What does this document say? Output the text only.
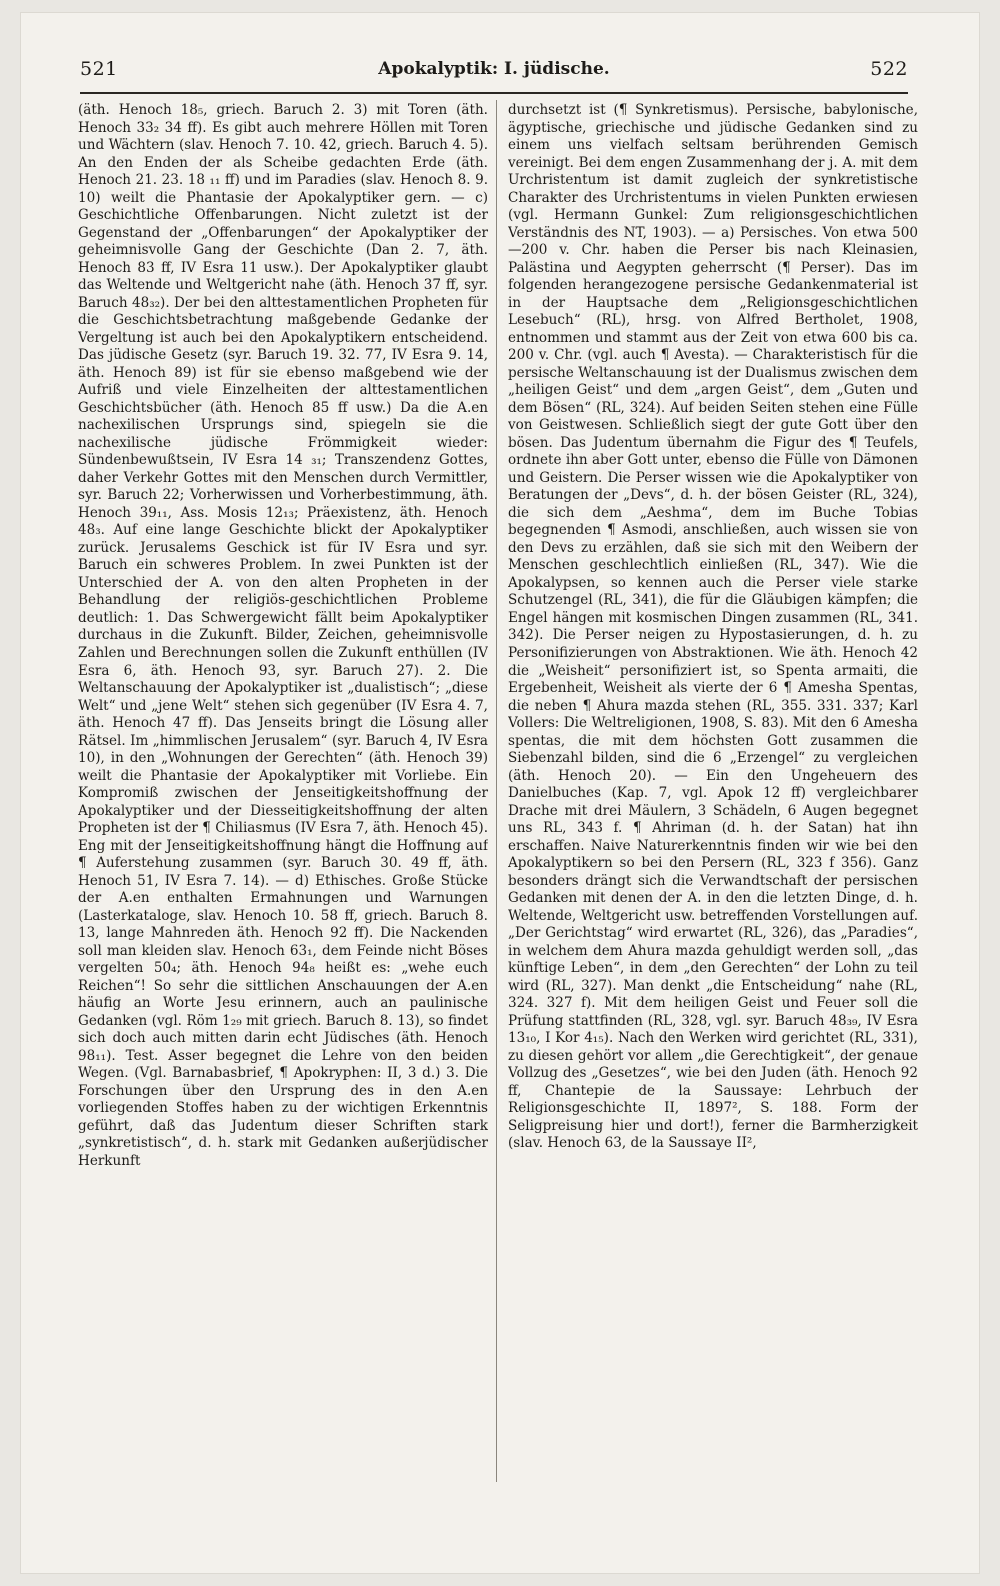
521	Apokalyptik: I. jüdische.	522

(äth. Henoch 18₅, griech. Baruch 2. 3) mit Toren (äth. Henoch 33₂ 34 ff). Es gibt auch mehrere Höllen mit Toren und Wächtern (slav. Henoch 7. 10. 42, griech. Baruch 4. 5). An den Enden der als Scheibe gedachten Erde (äth. Henoch 21. 23. 18 ₁₁ ff) und im Paradies (slav. Henoch 8. 9. 10) weilt die Phantasie der Apokalyptiker gern. — c) Geschichtliche Offenbarungen. Nicht zuletzt ist der Gegenstand der „Offenbarungen“ der Apokalyptiker der geheimnisvolle Gang der Geschichte (Dan 2. 7, äth. Henoch 83 ff, IV Esra 11 usw.). Der Apokalyptiker glaubt das Weltende und Weltgericht nahe (äth. Henoch 37 ff, syr. Baruch 48₃₂). Der bei den alttestamentlichen Propheten für die Geschichtsbetrachtung maßgebende Gedanke der Vergeltung ist auch bei den Apokalyptikern entscheidend. Das jüdische Gesetz (syr. Baruch 19. 32. 77, IV Esra 9. 14, äth. Henoch 89) ist für sie ebenso maßgebend wie der Aufriß und viele Einzelheiten der alttestamentlichen Geschichtsbücher (äth. Henoch 85 ff usw.) Da die A.en nachexilischen Ursprungs sind, spiegeln sie die nachexilische jüdische Frömmigkeit wieder: Sündenbewußtsein, IV Esra 14 ₃₁; Transzendenz Gottes, daher Verkehr Gottes mit den Menschen durch Vermittler, syr. Baruch 22; Vorherwissen und Vorherbestimmung, äth. Henoch 39₁₁, Ass. Mosis 12₁₃; Präexistenz, äth. Henoch 48₃. Auf eine lange Geschichte blickt der Apokalyptiker zurück. Jerusalems Geschick ist für IV Esra und syr. Baruch ein schweres Problem. In zwei Punkten ist der Unterschied der A. von den alten Propheten in der Behandlung der religiös-geschichtlichen Probleme deutlich: 1. Das Schwergewicht fällt beim Apokalyptiker durchaus in die Zukunft. Bilder, Zeichen, geheimnisvolle Zahlen und Berechnungen sollen die Zukunft enthüllen (IV Esra 6, äth. Henoch 93, syr. Baruch 27). 2. Die Weltanschauung der Apokalyptiker ist „dualistisch“; „diese Welt“ und „jene Welt“ stehen sich gegenüber (IV Esra 4. 7, äth. Henoch 47 ff). Das Jenseits bringt die Lösung aller Rätsel. Im „himmlischen Jerusalem“ (syr. Baruch 4, IV Esra 10), in den „Wohnungen der Gerechten“ (äth. Henoch 39) weilt die Phantasie der Apokalyptiker mit Vorliebe. Ein Kompromiß zwischen der Jenseitigkeitshoffnung der Apokalyptiker und der Diesseitigkeitshoffnung der alten Propheten ist der ¶ Chiliasmus (IV Esra 7, äth. Henoch 45). Eng mit der Jenseitigkeitshoffnung hängt die Hoffnung auf ¶ Auferstehung zusammen (syr. Baruch 30. 49 ff, äth. Henoch 51, IV Esra 7. 14). — d) Ethisches. Große Stücke der A.en enthalten Ermahnungen und Warnungen (Lasterkataloge, slav. Henoch 10. 58 ff, griech. Baruch 8. 13, lange Mahnreden äth. Henoch 92 ff). Die Nackenden soll man kleiden slav. Henoch 63₁, dem Feinde nicht Böses vergelten 50₄; äth. Henoch 94₈ heißt es: „wehe euch Reichen“! So sehr die sittlichen Anschauungen der A.en häufig an Worte Jesu erinnern, auch an paulinische Gedanken (vgl. Röm 1₂₉ mit griech. Baruch 8. 13), so findet sich doch auch mitten darin echt Jüdisches (äth. Henoch 98₁₁). Test. Asser begegnet die Lehre von den beiden Wegen. (Vgl. Barnabasbrief, ¶ Apokryphen: II, 3 d.) 3. Die Forschungen über den Ursprung des in den A.en vorliegenden Stoffes haben zu der wichtigen Erkenntnis geführt, daß das Judentum dieser Schriften stark „synkretistisch“, d. h. stark mit Gedanken außerjüdischer Herkunft

durchsetzt ist (¶ Synkretismus). Persische, babylonische, ägyptische, griechische und jüdische Gedanken sind zu einem uns vielfach seltsam berührenden Gemisch vereinigt. Bei dem engen Zusammenhang der j. A. mit dem Urchristentum ist damit zugleich der synkretistische Charakter des Urchristentums in vielen Punkten erwiesen (vgl. Hermann Gunkel: Zum religionsgeschichtlichen Verständnis des NT, 1903). — a) Persisches. Von etwa 500—200 v. Chr. haben die Perser bis nach Kleinasien, Palästina und Aegypten geherrscht (¶ Perser). Das im folgenden herangezogene persische Gedankenmaterial ist in der Hauptsache dem „Religionsgeschichtlichen Lesebuch“ (RL), hrsg. von Alfred Bertholet, 1908, entnommen und stammt aus der Zeit von etwa 600 bis ca. 200 v. Chr. (vgl. auch ¶ Avesta). — Charakteristisch für die persische Weltanschauung ist der Dualismus zwischen dem „heiligen Geist“ und dem „argen Geist“, dem „Guten und dem Bösen“ (RL, 324). Auf beiden Seiten stehen eine Fülle von Geistwesen. Schließlich siegt der gute Gott über den bösen. Das Judentum übernahm die Figur des ¶ Teufels, ordnete ihn aber Gott unter, ebenso die Fülle von Dämonen und Geistern. Die Perser wissen wie die Apokalyptiker von Beratungen der „Devs“, d. h. der bösen Geister (RL, 324), die sich dem „Aeshma“, dem im Buche Tobias begegnenden ¶ Asmodi, anschließen, auch wissen sie von den Devs zu erzählen, daß sie sich mit den Weibern der Menschen geschlechtlich einließen (RL, 347). Wie die Apokalypsen, so kennen auch die Perser viele starke Schutzengel (RL, 341), die für die Gläubigen kämpfen; die Engel hängen mit kosmischen Dingen zusammen (RL, 341. 342). Die Perser neigen zu Hypostasierungen, d. h. zu Personifizierungen von Abstraktionen. Wie äth. Henoch 42 die „Weisheit“ personifiziert ist, so Spenta armaiti, die Ergebenheit, Weisheit als vierte der 6 ¶ Amesha Spentas, die neben ¶ Ahura mazda stehen (RL, 355. 331. 337; Karl Vollers: Die Weltreligionen, 1908, S. 83). Mit den 6 Amesha spentas, die mit dem höchsten Gott zusammen die Siebenzahl bilden, sind die 6 „Erzengel“ zu vergleichen (äth. Henoch 20). — Ein den Ungeheuern des Danielbuches (Kap. 7, vgl. Apok 12 ff) vergleichbarer Drache mit drei Mäulern, 3 Schädeln, 6 Augen begegnet uns RL, 343 f. ¶ Ahriman (d. h. der Satan) hat ihn erschaffen. Naive Naturerkenntnis finden wir wie bei den Apokalyptikern so bei den Persern (RL, 323 f 356). Ganz besonders drängt sich die Verwandtschaft der persischen Gedanken mit denen der A. in den die letzten Dinge, d. h. Weltende, Weltgericht usw. betreffenden Vorstellungen auf. „Der Gerichtstag“ wird erwartet (RL, 326), das „Paradies“, in welchem dem Ahura mazda gehuldigt werden soll, „das künftige Leben“, in dem „den Gerechten“ der Lohn zu teil wird (RL, 327). Man denkt „die Entscheidung“ nahe (RL, 324. 327 f). Mit dem heiligen Geist und Feuer soll die Prüfung stattfinden (RL, 328, vgl. syr. Baruch 48₃₉, IV Esra 13₁₀, I Kor 4₁₅). Nach den Werken wird gerichtet (RL, 331), zu diesen gehört vor allem „die Gerechtigkeit“, der genaue Vollzug des „Gesetzes“, wie bei den Juden (äth. Henoch 92 ff, Chantepie de la Saussaye: Lehrbuch der Religionsgeschichte II, 1897², S. 188. Form der Seligpreisung hier und dort!), ferner die Barmherzigkeit (slav. Henoch 63, de la Saussaye II²,
